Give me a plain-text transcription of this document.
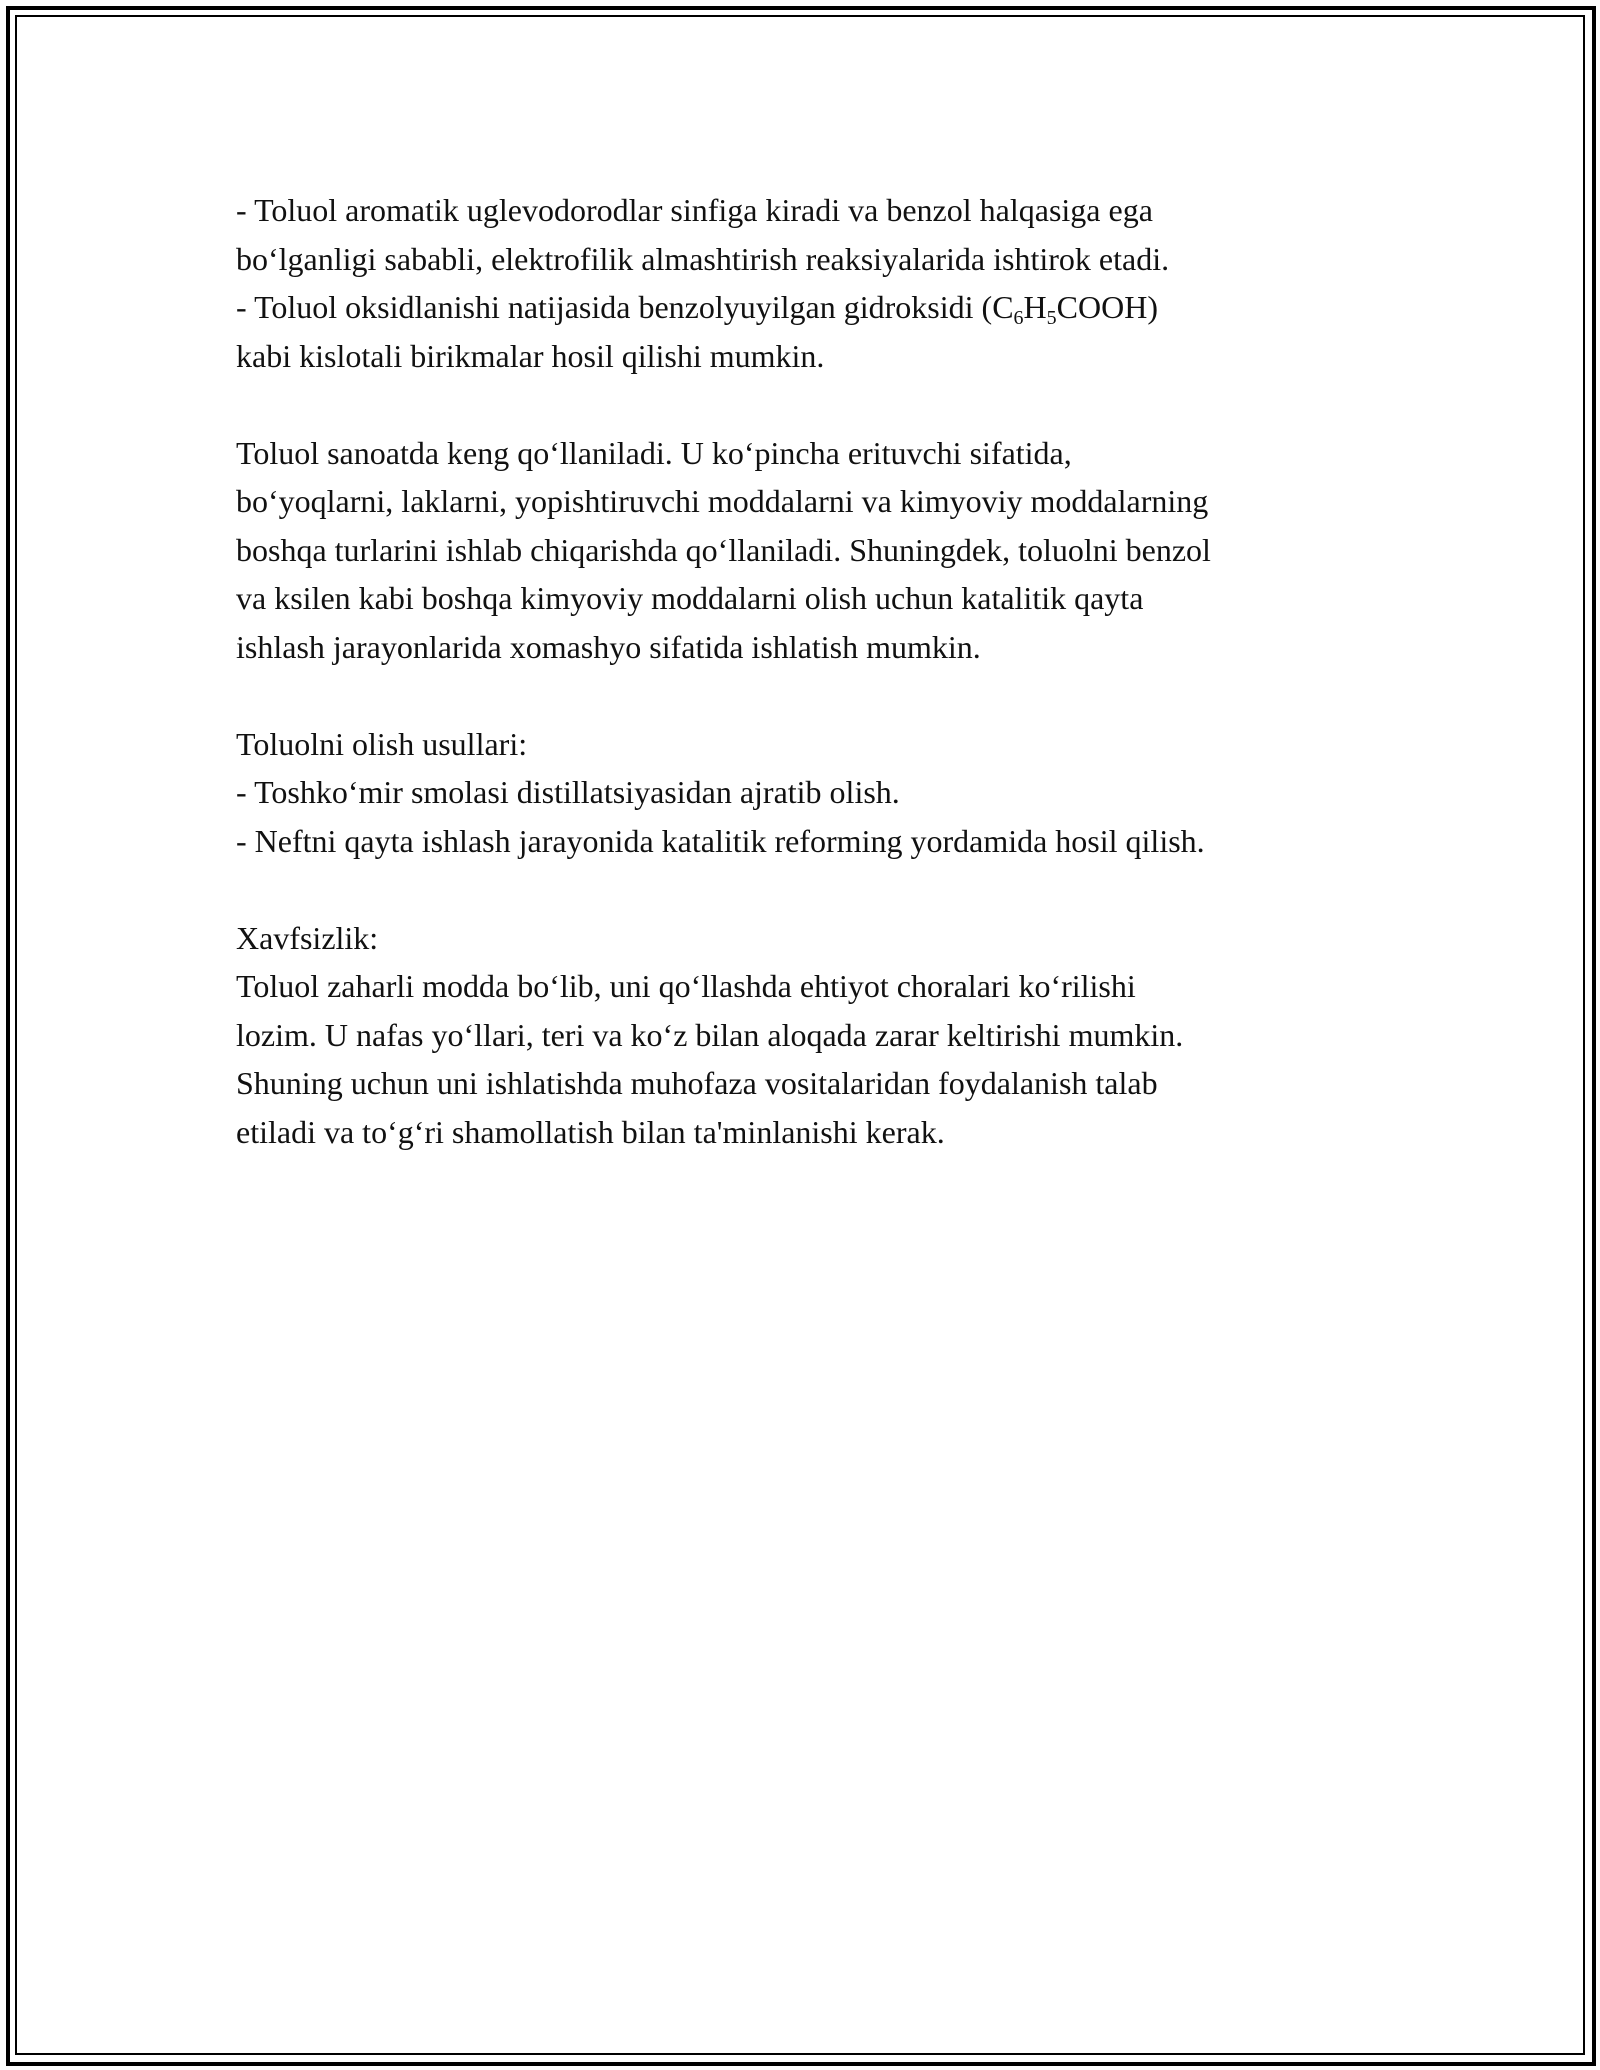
- Toluol aromatik uglevodorodlar sinfiga kiradi va benzol halqasiga ega
bo‘lganligi sababli, elektrofilik almashtirish reaksiyalarida ishtirok etadi.
- Toluol oksidlanishi natijasida benzolyuyilgan gidroksidi $(C_6H_5COOH)$
kabi kislotali birikmalar hosil qilishi mumkin.
Toluol sanoatda keng qo‘llaniladi. U ko‘pincha erituvchi sifatida,
bo‘yoqlarni, laklarni, yopishtiruvchi moddalarni va kimyoviy moddalarning
boshqa turlarini ishlab chiqarishda qo‘llaniladi. Shuningdek, toluolni benzol
va ksilen kabi boshqa kimyoviy moddalarni olish uchun katalitik qayta
ishlash jarayonlarida xomashyo sifatida ishlatish mumkin.
Toluolni olish usullari:
- Toshko‘mir smolasi distillatsiyasidan ajratib olish.
- Neftni qayta ishlash jarayonida katalitik reforming yordamida hosil qilish.
Xavfsizlik:
Toluol zaharli modda bo‘lib, uni qo‘llashda ehtiyot choralari ko‘rilishi
lozim. U nafas yo‘llari, teri va ko‘z bilan aloqada zarar keltirishi mumkin.
Shuning uchun uni ishlatishda muhofaza vositalaridan foydalanish talab
etiladi va to‘g‘ri shamollatish bilan ta'minlanishi kerak.
